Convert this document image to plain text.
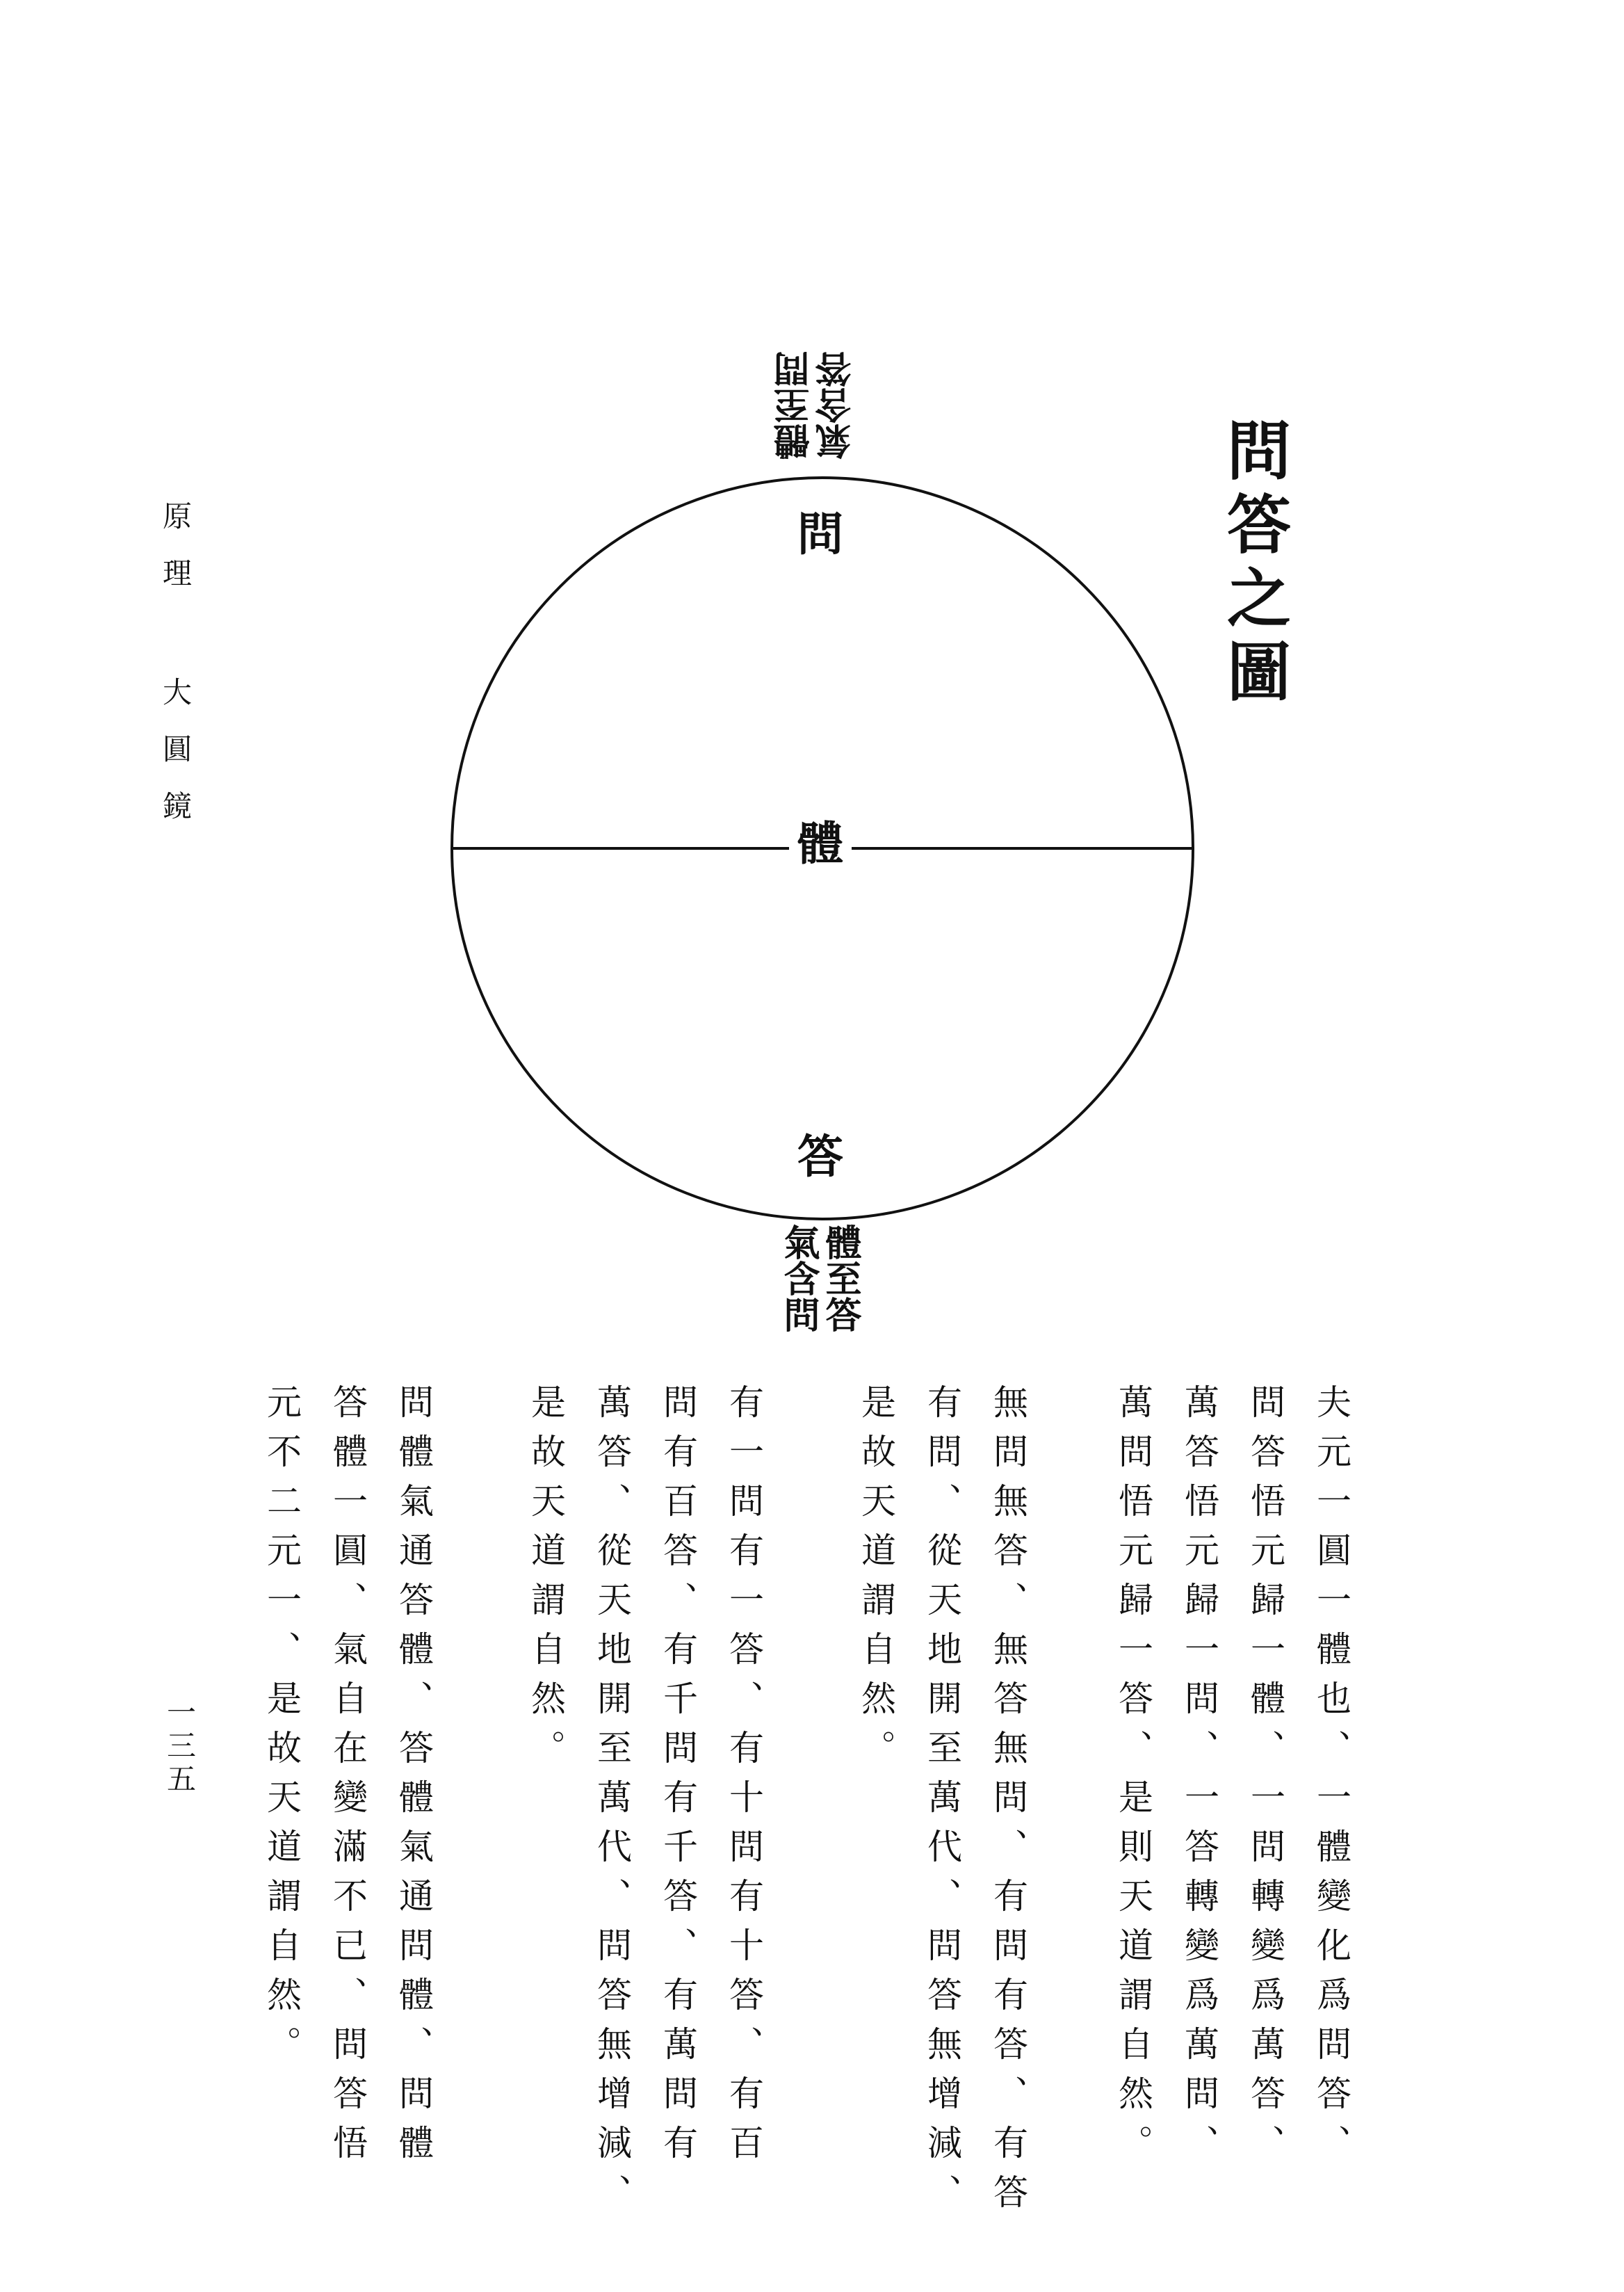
問答之圖
原理 大圓鏡
一三五
問
體
答
體至問 氣含答
體至答
氣含問
夫元一圓一體也、一體變化爲問答、
問答悟元歸一體、一問轉變爲萬答、
萬答悟元歸一問、一答轉變爲萬問、
萬問悟元歸一答、是則天道謂自然。
無問無答、無答無問、有問有答、有答
有問、從天地開至萬代、問答無增減、
是故天道謂自然。
有一問有一答、有十問有十答、有百
問有百答、有千問有千答、有萬問有
萬答、從天地開至萬代、問答無增減、
是故天道謂自然。
問體氣通答體、答體氣通問體、問體
答體一圓、氣自在變滿不已、問答悟
元不二元一、是故天道謂自然。
